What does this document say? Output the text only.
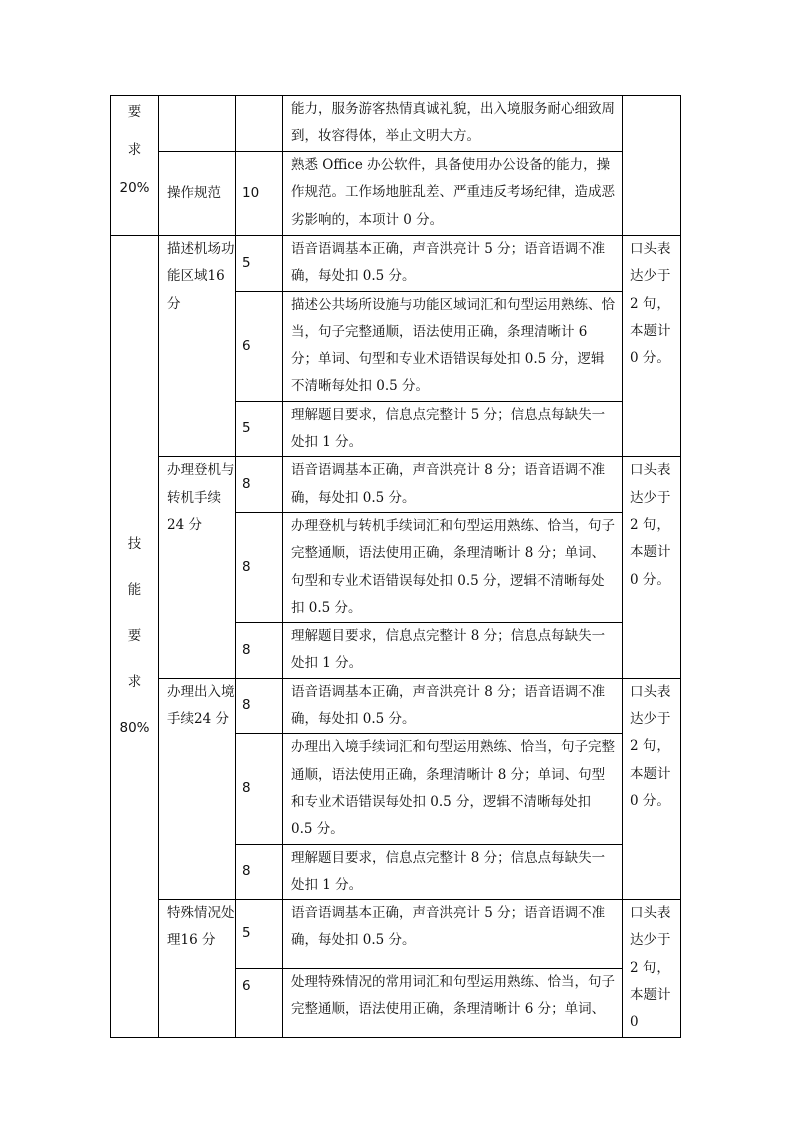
要
求
20%			能力，服务游客热情真诚礼貌，出入境服务耐心细致周到，妆容得体，举止文明大方。	
	操作规范	10	熟悉 Office 办公软件，具备使用办公设备的能力，操作规范。工作场地脏乱差、严重违反考场纪律，造成恶劣影响的，本项计 0 分。	

技
能
要
求
80%	描述机场功能区域16 分	5	语音语调基本正确，声音洪亮计 5 分；语音语调不准确，每处扣 0.5 分。	口头表达少于 2 句，本题计 0 分。
		6	描述公共场所设施与功能区域词汇和句型运用熟练、恰当，句子完整通顺，语法使用正确，条理清晰计 6 分；单词、句型和专业术语错误每处扣 0.5 分，逻辑不清晰每处扣 0.5 分。	
		5	理解题目要求，信息点完整计 5 分；信息点每缺失一处扣 1 分。	
	办理登机与转机手续24 分	8	语音语调基本正确，声音洪亮计 8 分；语音语调不准确，每处扣 0.5 分。	口头表达少于 2 句，本题计 0 分。
		8	办理登机与转机手续词汇和句型运用熟练、恰当，句子完整通顺，语法使用正确，条理清晰计 8 分；单词、句型和专业术语错误每处扣 0.5 分，逻辑不清晰每处扣 0.5 分。	
		8	理解题目要求，信息点完整计 8 分；信息点每缺失一处扣 1 分。	
	办理出入境手续24 分	8	语音语调基本正确，声音洪亮计 8 分；语音语调不准确，每处扣 0.5 分。	口头表达少于 2 句，本题计 0 分。
		8	办理出入境手续词汇和句型运用熟练、恰当，句子完整通顺，语法使用正确，条理清晰计 8 分；单词、句型和专业术语错误每处扣 0.5 分，逻辑不清晰每处扣 0.5 分。	
		8	理解题目要求，信息点完整计 8 分；信息点每缺失一处扣 1 分。	
	特殊情况处理16 分	5	语音语调基本正确，声音洪亮计 5 分；语音语调不准确，每处扣 0.5 分。	口头表达少于 2 句，本题计 0
		6	处理特殊情况的常用词汇和句型运用熟练、恰当，句子完整通顺，语法使用正确，条理清晰计 6 分；单词、	
